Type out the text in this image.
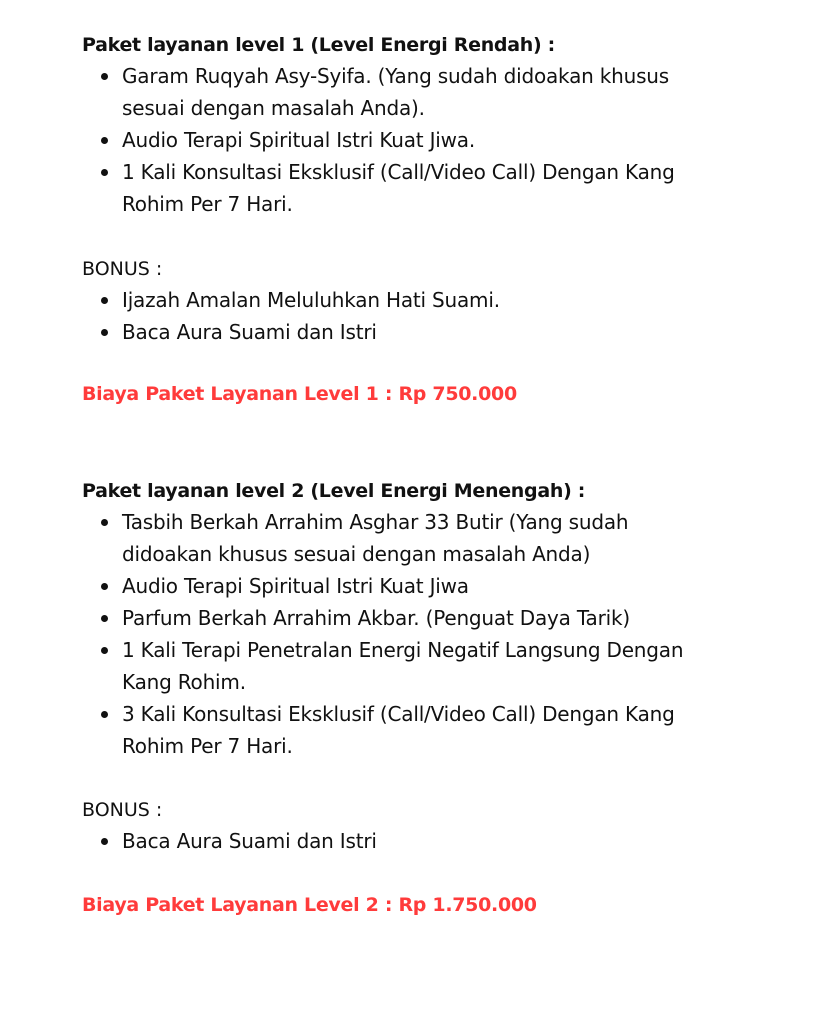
Paket layanan level 1 (Level Energi Rendah) :
Garam Ruqyah Asy-Syifa. (Yang sudah didoakan khusus sesuai dengan masalah Anda).
Audio Terapi Spiritual Istri Kuat Jiwa.
1 Kali Konsultasi Eksklusif (Call/Video Call) Dengan Kang Rohim Per 7 Hari.

BONUS :

Ijazah Amalan Meluluhkan Hati Suami.
Baca Aura Suami dan Istri

Biaya Paket Layanan Level 1 : Rp 750.000

Paket layanan level 2 (Level Energi Menengah) :
Tasbih Berkah Arrahim Asghar 33 Butir (Yang sudah didoakan khusus sesuai dengan masalah Anda)
Audio Terapi Spiritual Istri Kuat Jiwa
Parfum Berkah Arrahim Akbar. (Penguat Daya Tarik)
1 Kali Terapi Penetralan Energi Negatif Langsung Dengan Kang Rohim.
3 Kali Konsultasi Eksklusif (Call/Video Call) Dengan Kang Rohim Per 7 Hari.

BONUS :

Baca Aura Suami dan Istri

Biaya Paket Layanan Level 2 : Rp 1.750.000
